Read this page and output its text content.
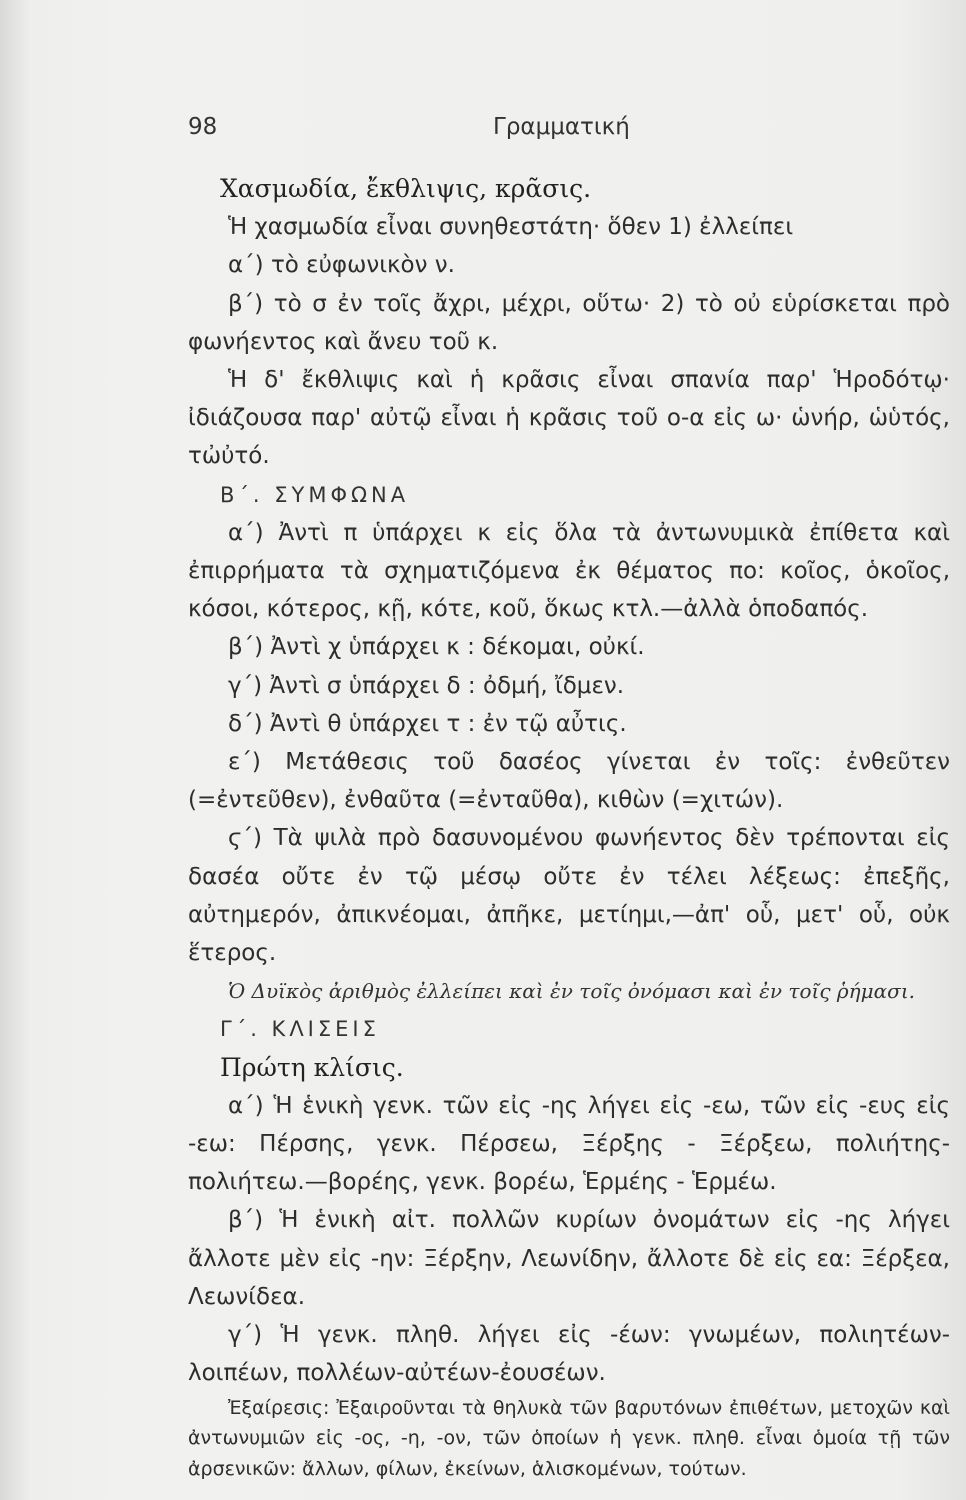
98	Γραμματική

Χασμωδία, ἔκθλιψις, κρᾶσις.

Ἡ χασμωδία εἶναι συνηθεστάτη· ὅθεν 1) ἐλλείπει

α΄) τὸ εὐφωνικὸν ν.

β΄) τὸ σ ἐν τοῖς ἄχρι, μέχρι, οὕτω· 2) τὸ οὐ εὑρίσκεται πρὸ φωνήεντος καὶ ἄνευ τοῦ κ.

Ἡ δ' ἔκθλιψις καὶ ἡ κρᾶσις εἶναι σπανία παρ' Ἡροδότῳ· ἰδιάζουσα παρ' αὐτῷ εἶναι ἡ κρᾶσις τοῦ ο-α εἰς ω· ὡνήρ, ὡὑτός, τὠὐτό.

Β΄. ΣΥΜΦΩΝΑ

α΄) Ἀντὶ π ὑπάρχει κ εἰς ὅλα τὰ ἀντωνυμικὰ ἐπίθετα καὶ ἐπιρρήματα τὰ σχηματιζόμενα ἐκ θέματος πο: κοῖος, ὁκοῖος, κόσοι, κότερος, κῇ, κότε, κοῦ, ὅκως κτλ.—ἀλλὰ ὁποδαπός.

β΄) Ἀντὶ χ ὑπάρχει κ : δέκομαι, οὐκί.

γ΄) Ἀντὶ σ ὑπάρχει δ : ὀδμή, ἴδμεν.

δ΄) Ἀντὶ θ ὑπάρχει τ : ἐν τῷ αὖτις.

ε΄) Μετάθεσις τοῦ δασέος γίνεται ἐν τοῖς: ἐνθεῦτεν (=ἐντεῦθεν), ἐνθαῦτα (=ἐνταῦθα), κιθὼν (=χιτών).

ϛ΄) Τὰ ψιλὰ πρὸ δασυνομένου φωνήεντος δὲν τρέπονται εἰς δασέα οὔτε ἐν τῷ μέσῳ οὔτε ἐν τέλει λέξεως: ἐπεξῆς, αὐτημερόν, ἀπικνέομαι, ἀπῆκε, μετίημι,—ἀπ' οὗ, μετ' οὗ, οὐκ ἕτερος.

Ὁ Δυϊκὸς ἀριθμὸς ἐλλείπει καὶ ἐν τοῖς ὀνόμασι καὶ ἐν τοῖς ῥήμασι.

Γ΄. ΚΛΙΣΕΙΣ

Πρώτη κλίσις.

α΄) Ἡ ἑνικὴ γενκ. τῶν εἰς -ης λήγει εἰς -εω, τῶν εἰς -ευς εἰς -εω: Πέρσης, γενκ. Πέρσεω, Ξέρξης - Ξέρξεω, πολιήτης-πολιήτεω.—βορέης, γενκ. βορέω, Ἑρμέης - Ἑρμέω.

β΄) Ἡ ἑνικὴ αἰτ. πολλῶν κυρίων ὀνομάτων εἰς -ης λήγει ἄλλοτε μὲν εἰς -ην: Ξέρξην, Λεωνίδην, ἄλλοτε δὲ εἰς εα: Ξέρξεα, Λεωνίδεα.

γ΄) Ἡ γενκ. πληθ. λήγει εἰς -έων: γνωμέων, πολιητέων-λοιπέων, πολλέων-αὐτέων-ἐουσέων.

Ἐξαίρεσις: Ἐξαιροῦνται τὰ θηλυκὰ τῶν βαρυτόνων ἐπιθέτων, μετοχῶν καὶ ἀντωνυμιῶν εἰς -ος, -η, -ον, τῶν ὁποίων ἡ γενκ. πληθ. εἶναι ὁμοία τῇ τῶν ἀρσενικῶν: ἄλλων, φίλων, ἐκείνων, ἁλισκομένων, τούτων.
